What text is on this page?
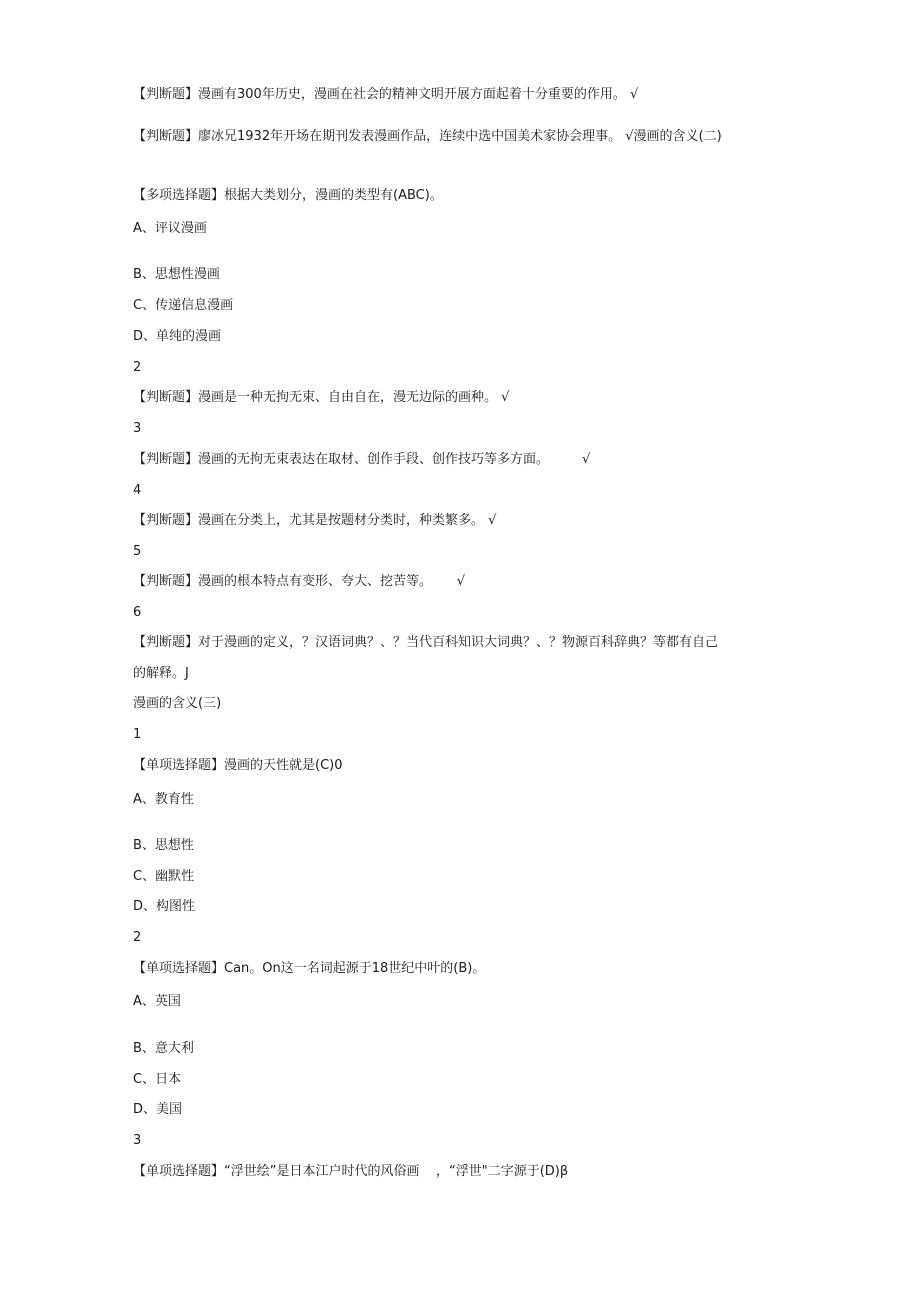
【判断题】漫画有300年历史，漫画在社会的精神文明开展方面起着十分重要的作用。 √
【判断题】廖冰兄1932年开场在期刊发表漫画作品，连续中选中国美术家协会理事。 √漫画的含义(二)
【多项选择题】根据大类划分，漫画的类型有(ABC)。
A、评议漫画
B、思想性漫画
C、传递信息漫画
D、单纯的漫画
2
【判断题】漫画是一种无拘无束、自由自在，漫无边际的画种。 √
3
【判断题】漫画的无拘无束表达在取材、创作手段、创作技巧等多方面。        √
4
【判断题】漫画在分类上，尤其是按题材分类时，种类繁多。 √
5
【判断题】漫画的根本特点有变形、夸大、挖苦等。      √
6
【判断题】对于漫画的定义，？汉语词典？、？当代百科知识大词典？、？物源百科辞典？等都有自己
的解释。J
漫画的含义(三)
1
【单项选择题】漫画的天性就是(C)0
A、教育性
B、思想性
C、幽默性
D、构图性
2
【单项选择题】Can。On这一名词起源于18世纪中叶的(B)。
A、英国
B、意大利
C、日本
D、美国
3
【单项选择题】“浮世绘”是日本江户时代的风俗画    ，“浮世"二字源于(D)β
